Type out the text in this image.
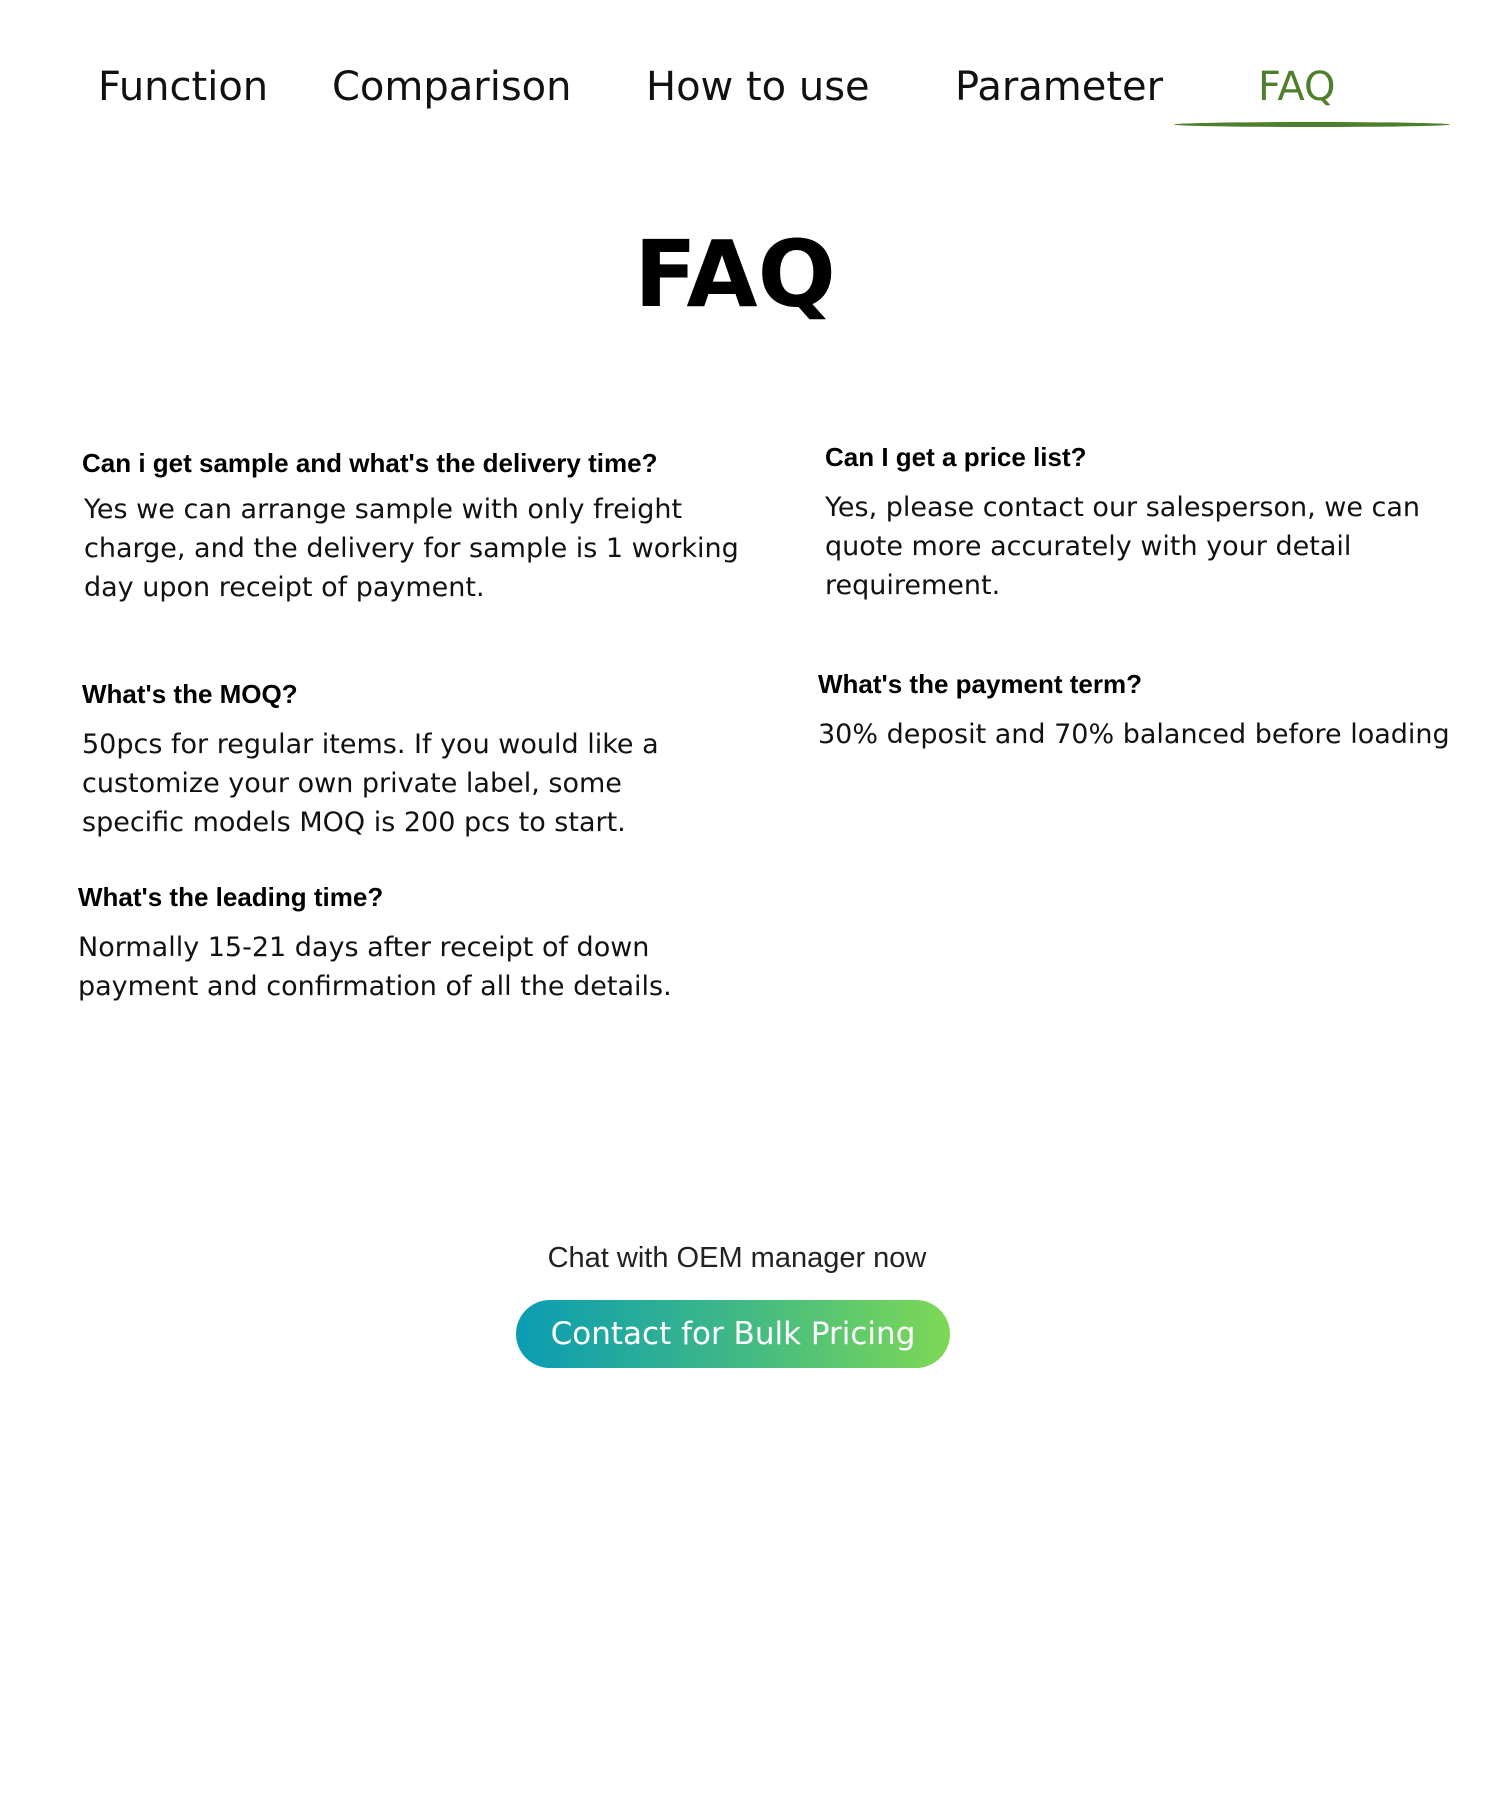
Function Comparison How to use Parameter FAQ
FAQ
Can i get sample and what's the delivery time?

Yes we can arrange sample with only freight charge, and the delivery for sample is 1 working day upon receipt of payment.

What's the MOQ?

50pcs for regular items. If you would like a customize your own private label, some specific models MOQ is 200 pcs to start.

What's the leading time?

Normally 15-21 days after receipt of down payment and confirmation of all the details.

Can I get a price list?

Yes, please contact our salesperson, we can quote more accurately with your detail requirement.

What's the payment term?

30% deposit and 70% balanced before loading

Chat with OEM manager now
Contact for Bulk Pricing
